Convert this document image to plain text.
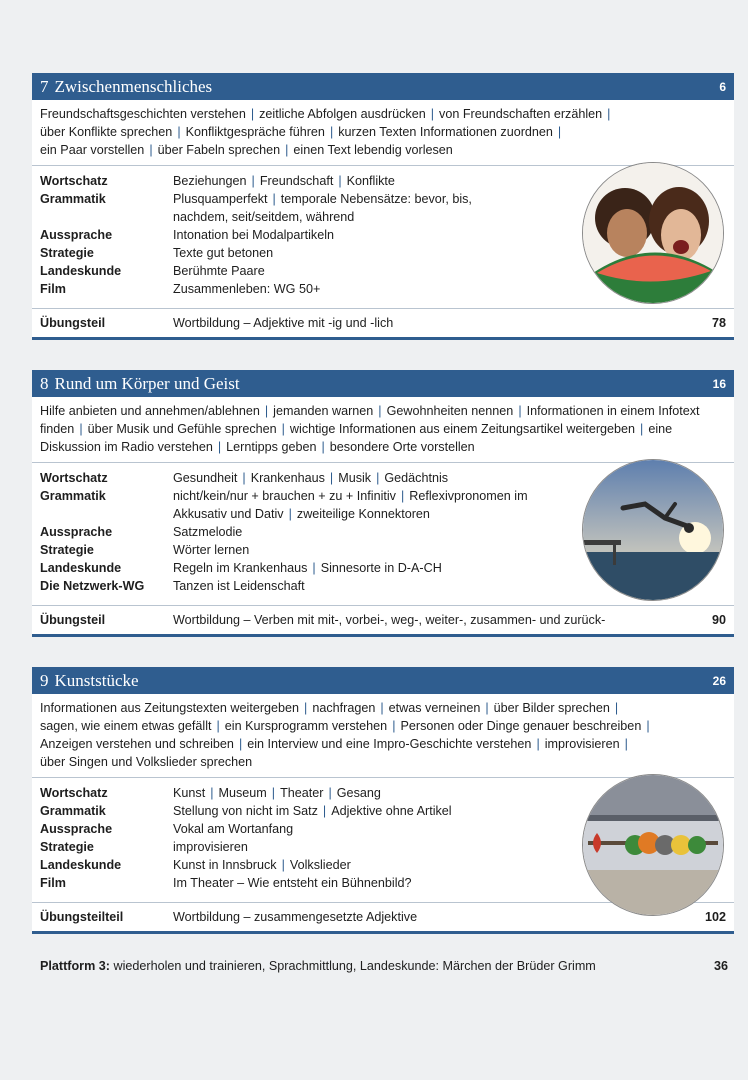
7 Zwischenmenschliches	6
Freundschaftsgeschichten verstehen | zeitliche Abfolgen ausdrücken | von Freundschaften erzählen |
über Konflikte sprechen | Konfliktgespräche führen | kurzen Texten Informationen zuordnen |
ein Paar vorstellen | über Fabeln sprechen | einen Text lebendig vorlesen
Wortschatz	Beziehungen | Freundschaft | Konflikte
Grammatik	Plusquamperfekt | temporale Nebensätze: bevor, bis, nachdem, seit/seitdem, während
Aussprache	Intonation bei Modalpartikeln
Strategie	Texte gut betonen
Landeskunde	Berühmte Paare
Film	Zusammenleben: WG 50+
Übungsteil	Wortbildung – Adjektive mit -ig und -lich	78
8 Rund um Körper und Geist	16
Hilfe anbieten und annehmen/ablehnen | jemanden warnen | Gewohnheiten nennen | Informationen in einem Infotext finden | über Musik und Gefühle sprechen | wichtige Informationen aus einem Zeitungsartikel weitergeben | eine Diskussion im Radio verstehen | Lerntipps geben | besondere Orte vorstellen
Wortschatz	Gesundheit | Krankenhaus | Musik | Gedächtnis
Grammatik	nicht/kein/nur + brauchen + zu + Infinitiv | Reflexivpronomen im Akkusativ und Dativ | zweiteilige Konnektoren
Aussprache	Satzmelodie
Strategie	Wörter lernen
Landeskunde	Regeln im Krankenhaus | Sinnesorte in D-A-CH
Die Netzwerk-WG	Tanzen ist Leidenschaft
Übungsteil	Wortbildung – Verben mit mit-, vorbei-, weg-, weiter-, zusammen- und zurück-	90
9 Kunststücke	26
Informationen aus Zeitungstexten weitergeben | nachfragen | etwas verneinen | über Bilder sprechen |
sagen, wie einem etwas gefällt | ein Kursprogramm verstehen | Personen oder Dinge genauer beschreiben |
Anzeigen verstehen und schreiben | ein Interview und eine Impro-Geschichte verstehen | improvisieren |
über Singen und Volkslieder sprechen
Wortschatz	Kunst | Museum | Theater | Gesang
Grammatik	Stellung von nicht im Satz | Adjektive ohne Artikel
Aussprache	Vokal am Wortanfang
Strategie	improvisieren
Landeskunde	Kunst in Innsbruck | Volkslieder
Film	Im Theater – Wie entsteht ein Bühnenbild?
Übungsteilteil	Wortbildung – zusammengesetzte Adjektive	102
Plattform 3: wiederholen und trainieren, Sprachmittlung, Landeskunde: Märchen der Brüder Grimm	36
